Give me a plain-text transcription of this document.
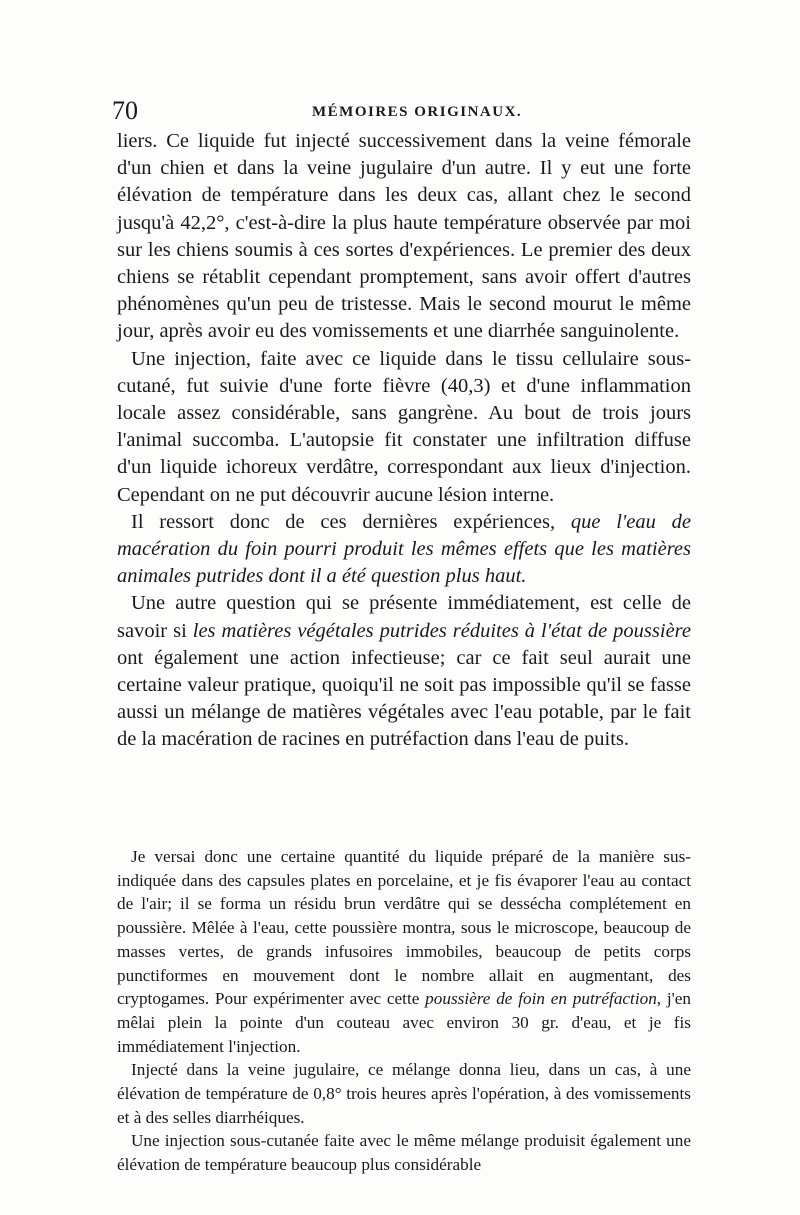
70	MÉMOIRES ORIGINAUX.

liers. Ce liquide fut injecté successivement dans la veine fémorale d'un chien et dans la veine jugulaire d'un autre. Il y eut une forte élévation de température dans les deux cas, allant chez le second jusqu'à 42,2°, c'est-à-dire la plus haute température observée par moi sur les chiens soumis à ces sortes d'expériences. Le premier des deux chiens se rétablit cependant promptement, sans avoir offert d'autres phénomènes qu'un peu de tristesse. Mais le second mourut le même jour, après avoir eu des vomissements et une diarrhée sanguinolente.

Une injection, faite avec ce liquide dans le tissu cellulaire sous-cutané, fut suivie d'une forte fièvre (40,3) et d'une inflammation locale assez considérable, sans gangrène. Au bout de trois jours l'animal succomba. L'autopsie fit constater une infiltration diffuse d'un liquide ichoreux verdâtre, correspondant aux lieux d'injection. Cependant on ne put découvrir aucune lésion interne.

Il ressort donc de ces dernières expériences, que l'eau de macération du foin pourri produit les mêmes effets que les matières animales putrides dont il a été question plus haut.

Une autre question qui se présente immédiatement, est celle de savoir si les matières végétales putrides réduites à l'état de poussière ont également une action infectieuse; car ce fait seul aurait une certaine valeur pratique, quoiqu'il ne soit pas impossible qu'il se fasse aussi un mélange de matières végétales avec l'eau potable, par le fait de la macération de racines en putréfaction dans l'eau de puits.

Je versai donc une certaine quantité du liquide préparé de la manière sus-indiquée dans des capsules plates en porcelaine, et je fis évaporer l'eau au contact de l'air; il se forma un résidu brun verdâtre qui se dessécha complétement en poussière. Mêlée à l'eau, cette poussière montra, sous le microscope, beaucoup de masses vertes, de grands infusoires immobiles, beaucoup de petits corps punctiformes en mouvement dont le nombre allait en augmentant, des cryptogames. Pour expérimenter avec cette poussière de foin en putréfaction, j'en mêlai plein la pointe d'un couteau avec environ 30 gr. d'eau, et je fis immédiatement l'injection.

Injecté dans la veine jugulaire, ce mélange donna lieu, dans un cas, à une élévation de température de 0,8° trois heures après l'opération, à des vomissements et à des selles diarrhéiques.

Une injection sous-cutanée faite avec le même mélange produisit également une élévation de température beaucoup plus considérable
